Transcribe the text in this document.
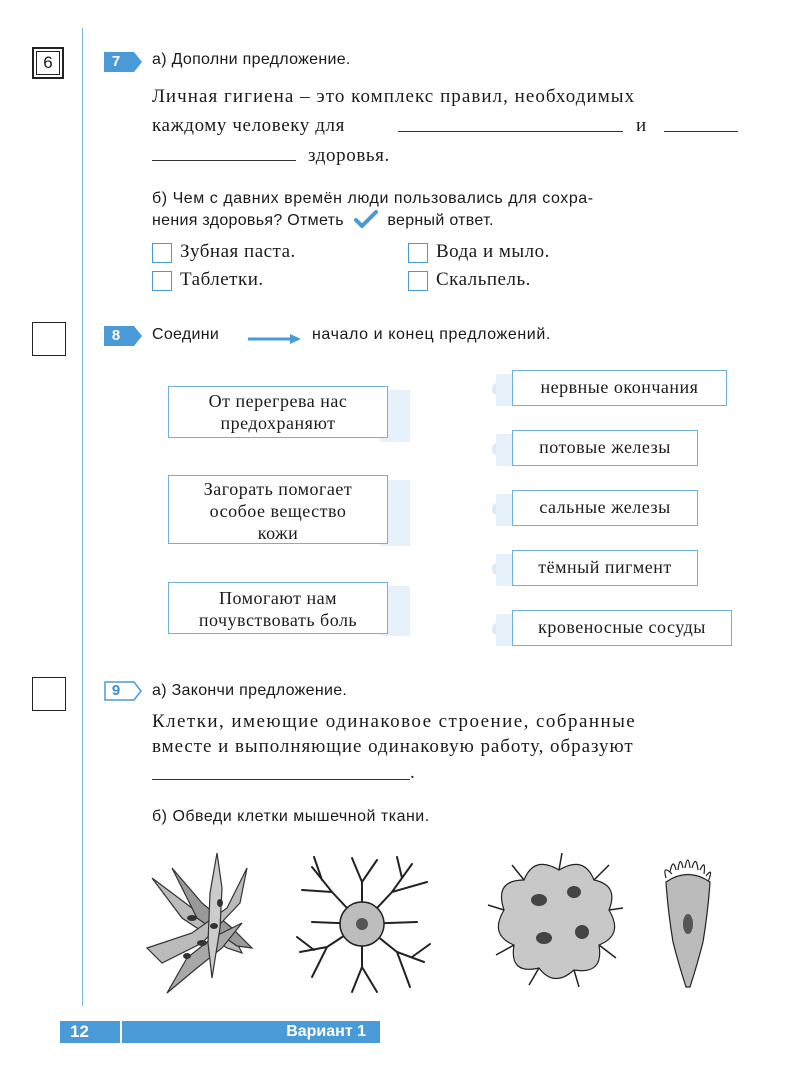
6	7	а) Дополни предложение.
Личная гигиена – это комплекс правил, необходимых
каждому человеку для	и
здоровья.
б) Чем с давних времён люди пользовались для сохра-
нения здоровья? Отметь	верный ответ.
Зубная паста.	Вода и мыло.
Таблетки.	Скальпель.
8	Соедини	начало и конец предложений.
От перегрева нас предохраняют
Загорать помогает особое вещество кожи
Помогают нам почувствовать боль
нервные окончания
потовые железы
сальные железы
тёмный пигмент
кровеносные сосуды
9	а) Закончи предложение.
Клетки, имеющие одинаковое строение, собранные
вместе и выполняющие одинаковую работу, образуют
.
б) Обведи клетки мышечной ткани.
12	Вариант 1
